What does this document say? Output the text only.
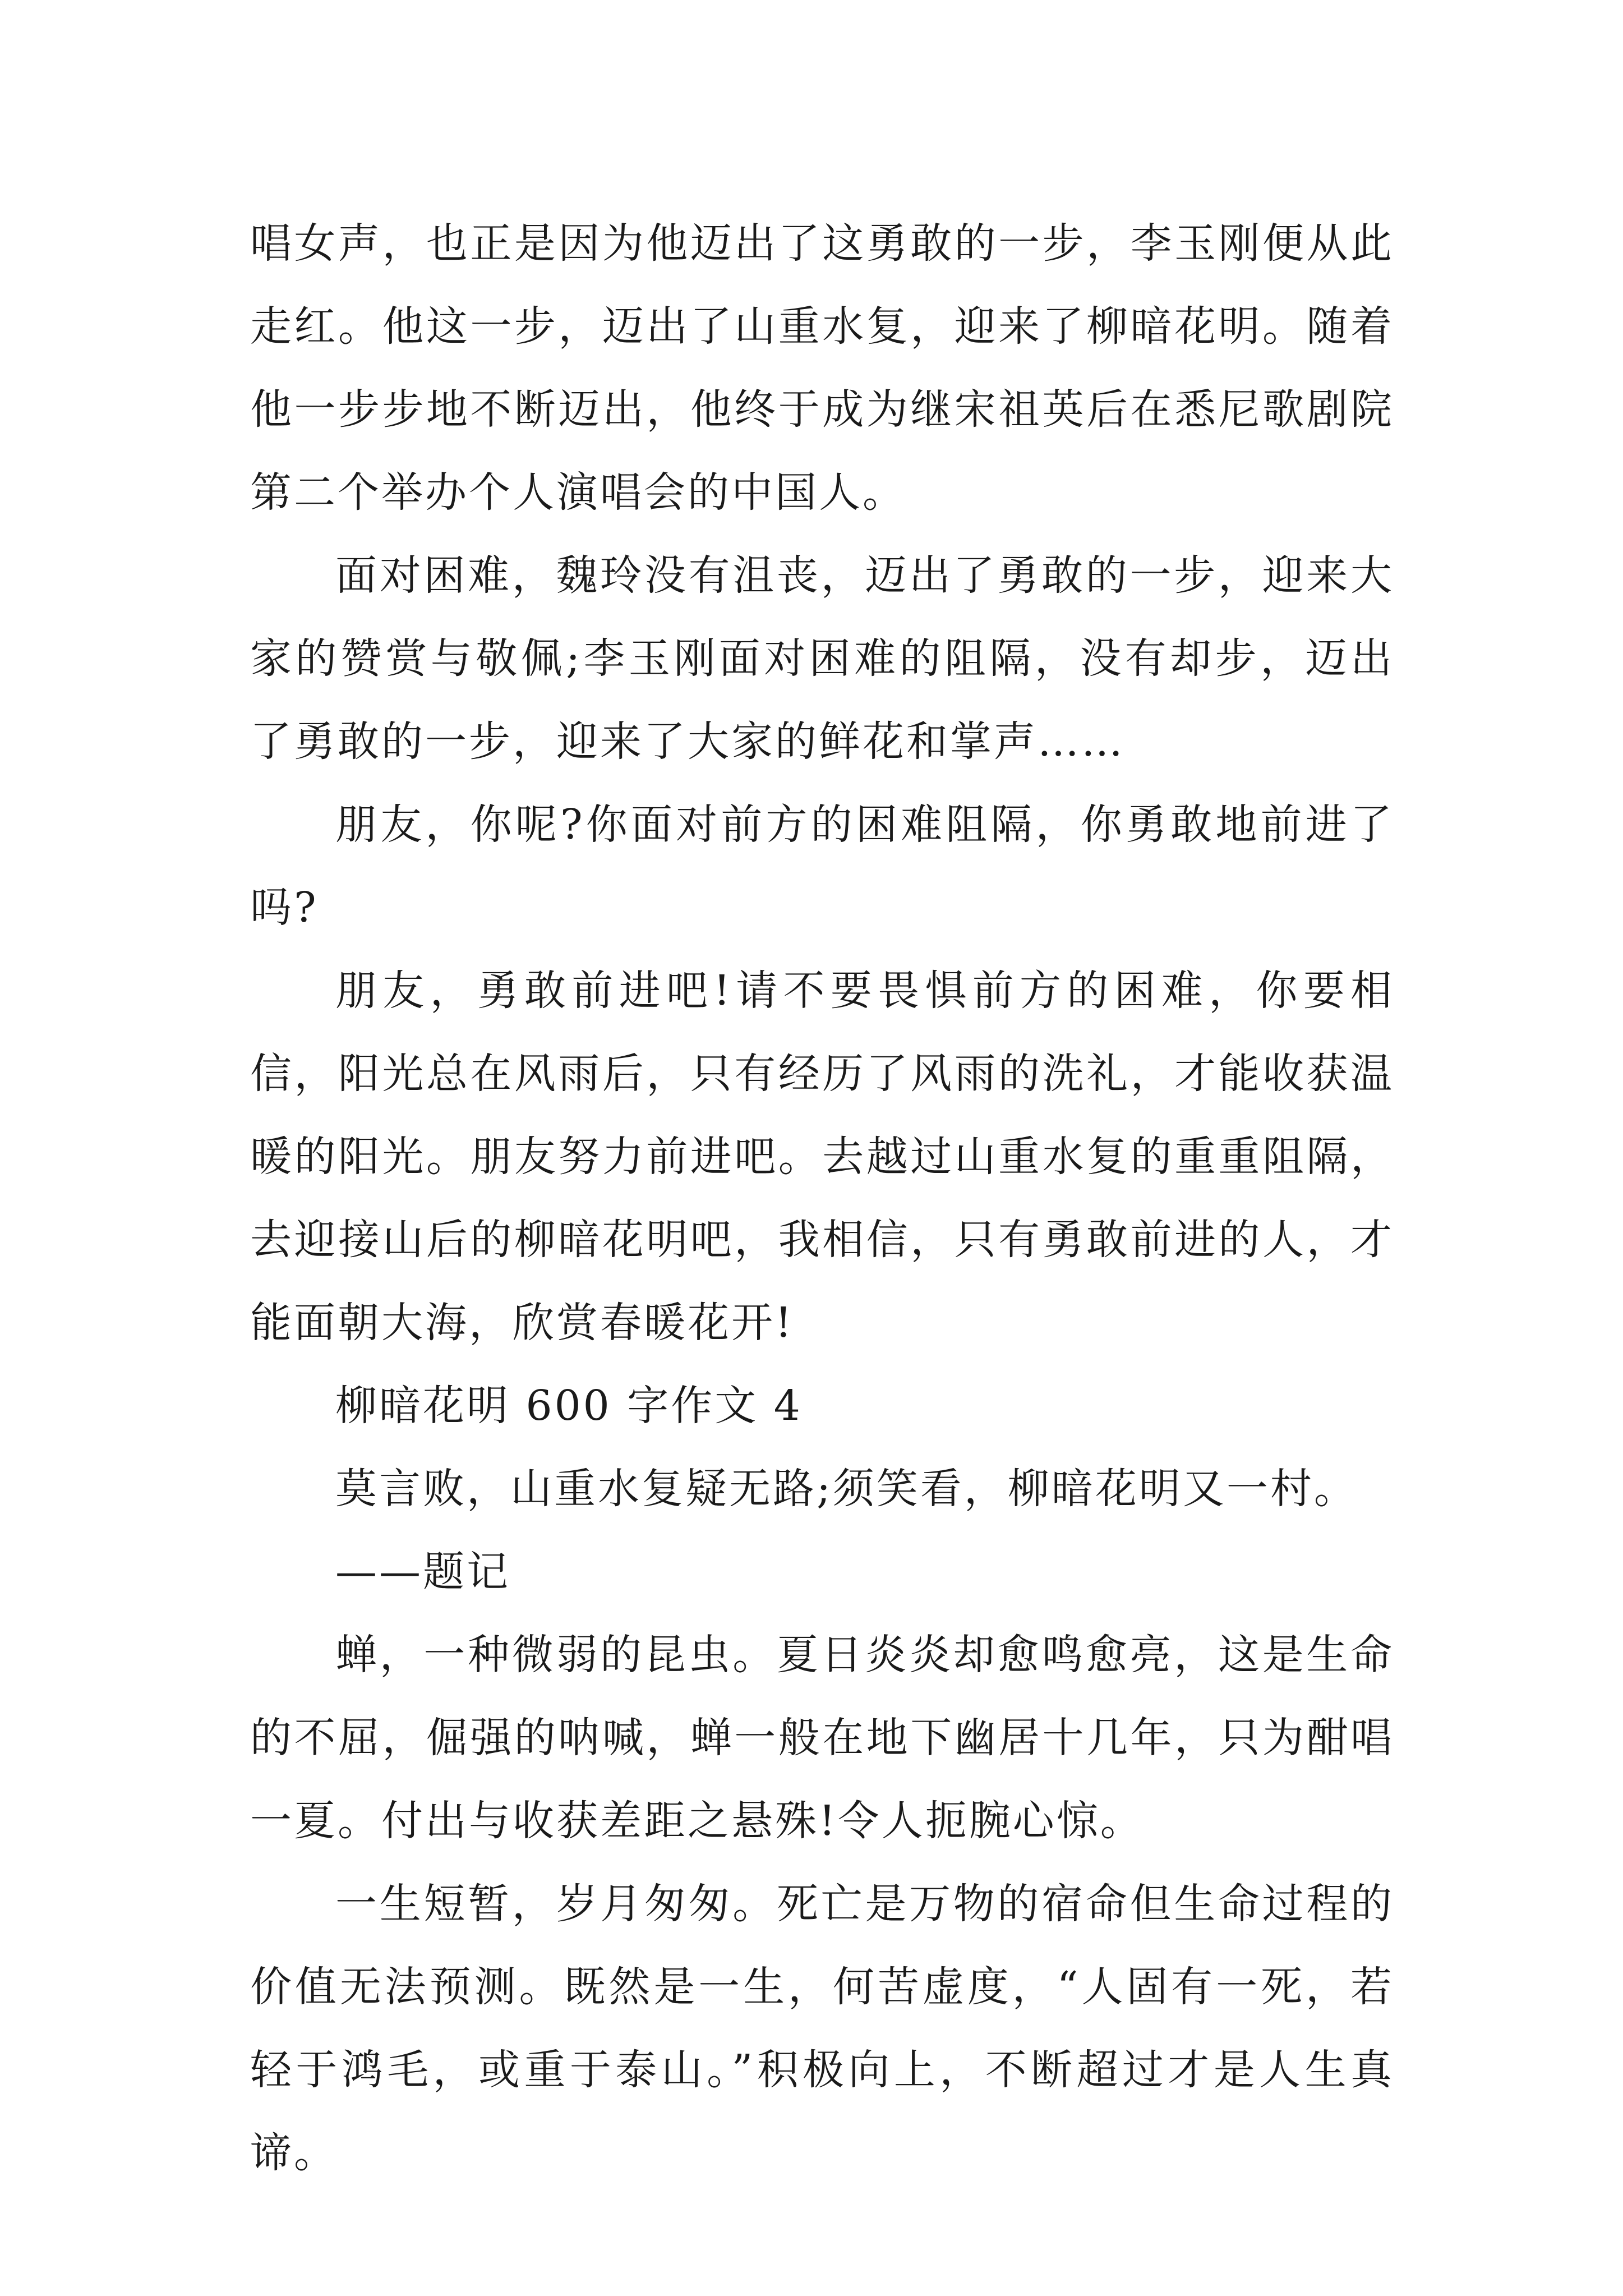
唱女声，也正是因为他迈出了这勇敢的一步，李玉刚便从此走红。他这一步，迈出了山重水复，迎来了柳暗花明。随着他一步步地不断迈出，他终于成为继宋祖英后在悉尼歌剧院第二个举办个人演唱会的中国人。

面对困难，魏玲没有沮丧，迈出了勇敢的一步，迎来大家的赞赏与敬佩;李玉刚面对困难的阻隔，没有却步，迈出了勇敢的一步，迎来了大家的鲜花和掌声……

朋友，你呢?你面对前方的困难阻隔，你勇敢地前进了吗?

朋友，勇敢前进吧!请不要畏惧前方的困难，你要相信，阳光总在风雨后，只有经历了风雨的洗礼，才能收获温暖的阳光。朋友努力前进吧。去越过山重水复的重重阻隔，去迎接山后的柳暗花明吧，我相信，只有勇敢前进的人，才能面朝大海，欣赏春暖花开!

柳暗花明 600 字作文 4

莫言败，山重水复疑无路;须笑看，柳暗花明又一村。

——题记

蝉，一种微弱的昆虫。夏日炎炎却愈鸣愈亮，这是生命的不屈，倔强的呐喊，蝉一般在地下幽居十几年，只为酣唱一夏。付出与收获差距之悬殊!令人扼腕心惊。

一生短暂，岁月匆匆。死亡是万物的宿命但生命过程的价值无法预测。既然是一生，何苦虚度，“人固有一死，若轻于鸿毛，或重于泰山。”积极向上，不断超过才是人生真谛。
